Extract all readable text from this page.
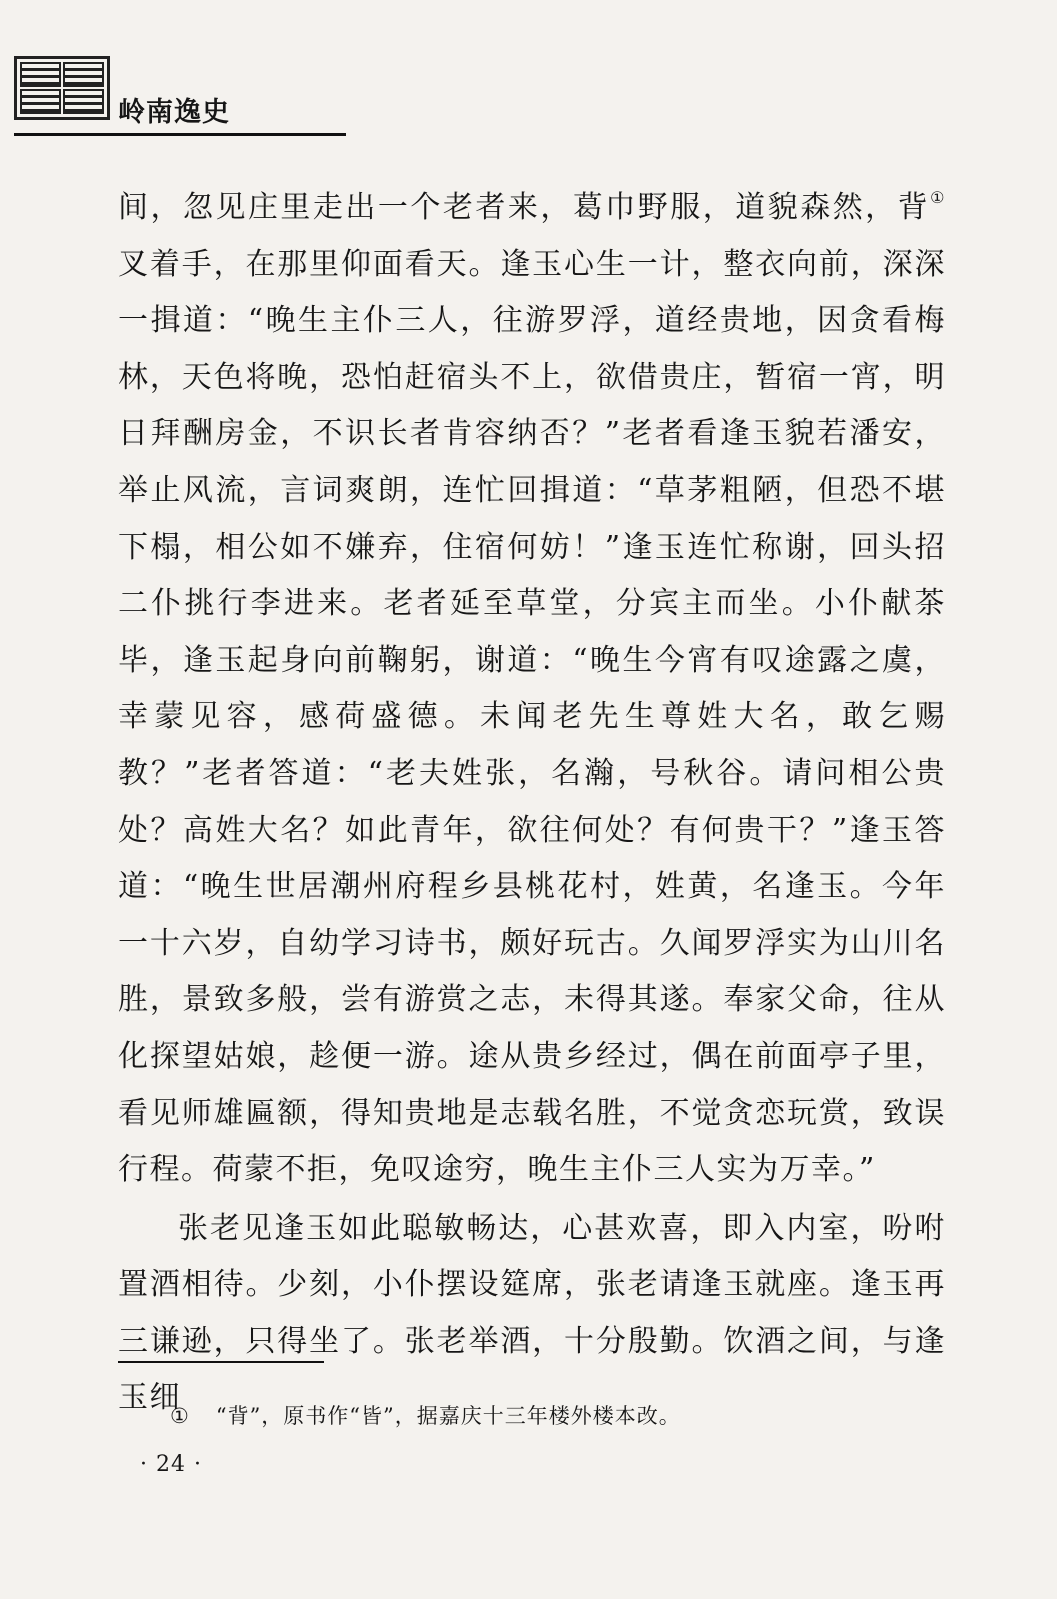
岭南逸史

间，忽见庄里走出一个老者来，葛巾野服，道貌森然，背①叉着手，在那里仰面看天。逢玉心生一计，整衣向前，深深一揖道：“晚生主仆三人，往游罗浮，道经贵地，因贪看梅林，天色将晚，恐怕赶宿头不上，欲借贵庄，暂宿一宵，明日拜酬房金，不识长者肯容纳否？”老者看逢玉貌若潘安，举止风流，言词爽朗，连忙回揖道：“草茅粗陋，但恐不堪下榻，相公如不嫌弃，住宿何妨！”逢玉连忙称谢，回头招二仆挑行李进来。老者延至草堂，分宾主而坐。小仆献茶毕，逢玉起身向前鞠躬，谢道：“晚生今宵有叹途露之虞，幸蒙见容，感荷盛德。未闻老先生尊姓大名，敢乞赐教？”老者答道：“老夫姓张，名瀚，号秋谷。请问相公贵处？高姓大名？如此青年，欲往何处？有何贵干？”逢玉答道：“晚生世居潮州府程乡县桃花村，姓黄，名逢玉。今年一十六岁，自幼学习诗书，颇好玩古。久闻罗浮实为山川名胜，景致多般，尝有游赏之志，未得其遂。奉家父命，往从化探望姑娘，趁便一游。途从贵乡经过，偶在前面亭子里，看见师雄匾额，得知贵地是志载名胜，不觉贪恋玩赏，致误行程。荷蒙不拒，免叹途穷，晚生主仆三人实为万幸。”

张老见逢玉如此聪敏畅达，心甚欢喜，即入内室，吩咐置酒相待。少刻，小仆摆设筵席，张老请逢玉就座。逢玉再三谦逊，只得坐了。张老举酒，十分殷勤。饮酒之间，与逢玉细

① “背”，原书作“皆”，据嘉庆十三年楼外楼本改。
· 24 ·
